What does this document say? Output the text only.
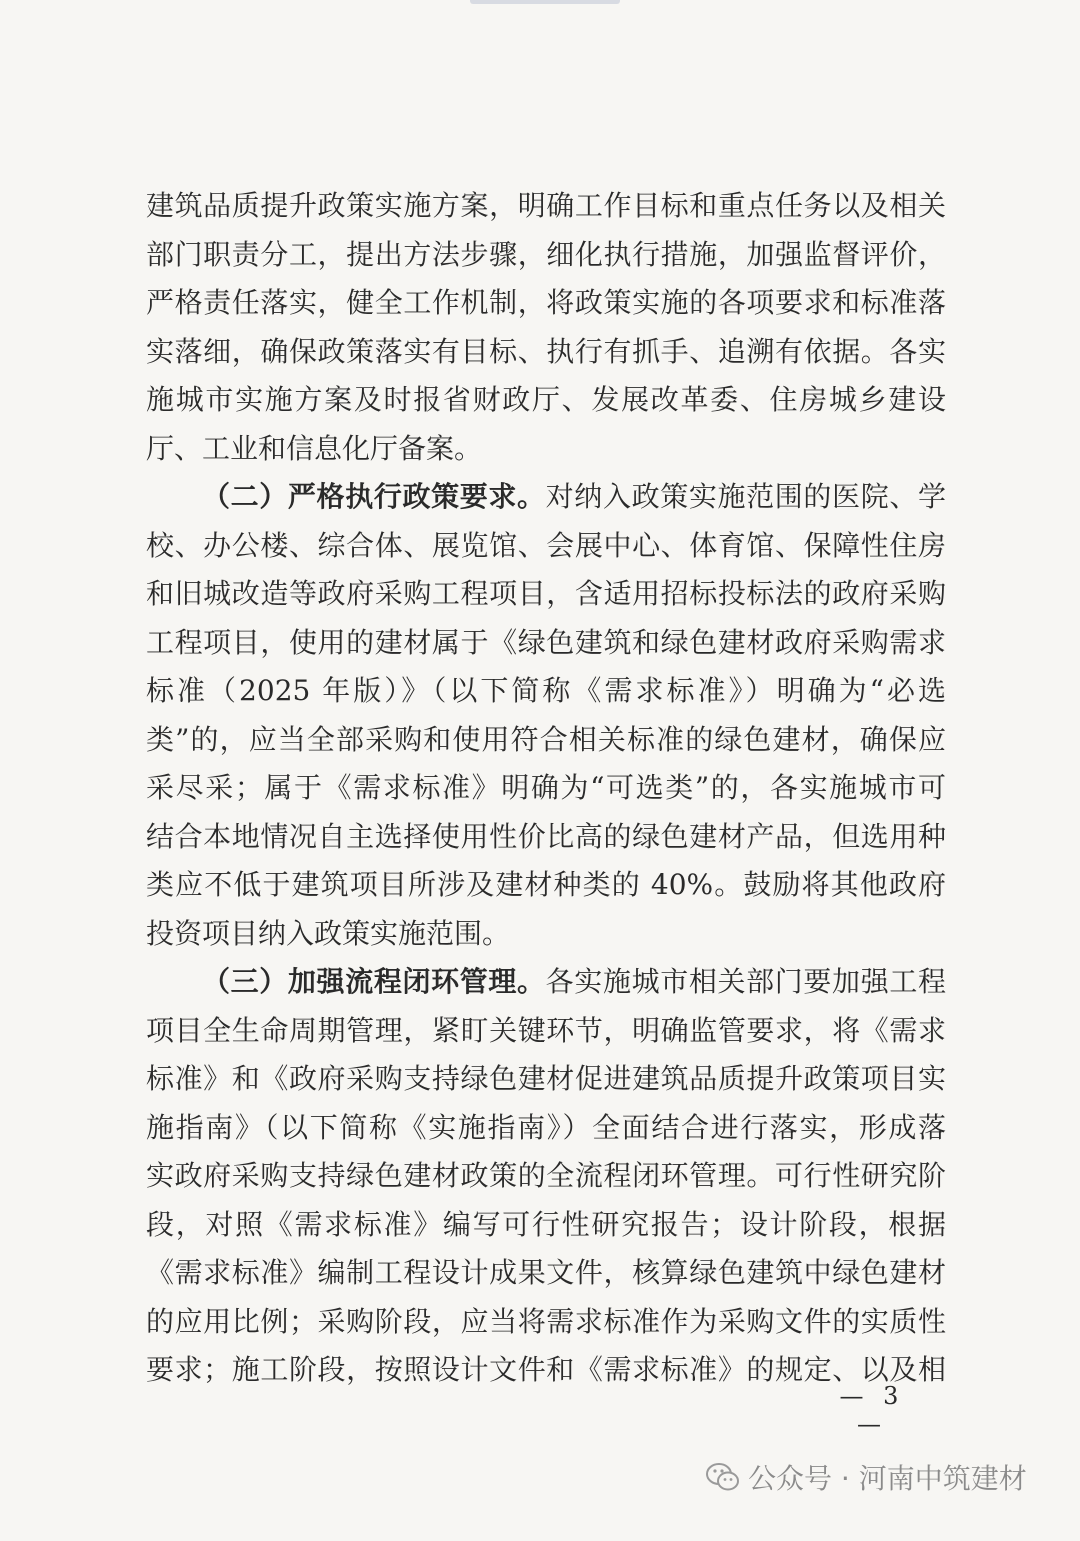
建筑品质提升政策实施方案，明确工作目标和重点任务以及相关
部门职责分工，提出方法步骤，细化执行措施，加强监督评价，
严格责任落实，健全工作机制，将政策实施的各项要求和标准落
实落细，确保政策落实有目标、执行有抓手、追溯有依据。各实
施城市实施方案及时报省财政厅、发展改革委、住房城乡建设
厅、工业和信息化厅备案。
（二）严格执行政策要求。对纳入政策实施范围的医院、学
校、办公楼、综合体、展览馆、会展中心、体育馆、保障性住房
和旧城改造等政府采购工程项目，含适用招标投标法的政府采购
工程项目，使用的建材属于《绿色建筑和绿色建材政府采购需求
标准（2025 年版）》（以下简称《需求标准》）明确为“必选
类”的，应当全部采购和使用符合相关标准的绿色建材，确保应
采尽采；属于《需求标准》明确为“可选类”的，各实施城市可
结合本地情况自主选择使用性价比高的绿色建材产品，但选用种
类应不低于建筑项目所涉及建材种类的 40%。鼓励将其他政府
投资项目纳入政策实施范围。
（三）加强流程闭环管理。各实施城市相关部门要加强工程
项目全生命周期管理，紧盯关键环节，明确监管要求，将《需求
标准》和《政府采购支持绿色建材促进建筑品质提升政策项目实
施指南》（以下简称《实施指南》）全面结合进行落实，形成落
实政府采购支持绿色建材政策的全流程闭环管理。可行性研究阶
段，对照《需求标准》编写可行性研究报告；设计阶段，根据
《需求标准》编制工程设计成果文件，核算绿色建筑中绿色建材
的应用比例；采购阶段，应当将需求标准作为采购文件的实质性
要求；施工阶段，按照设计文件和《需求标准》的规定、以及相
— 3 —
公众号 · 河南中筑建材
